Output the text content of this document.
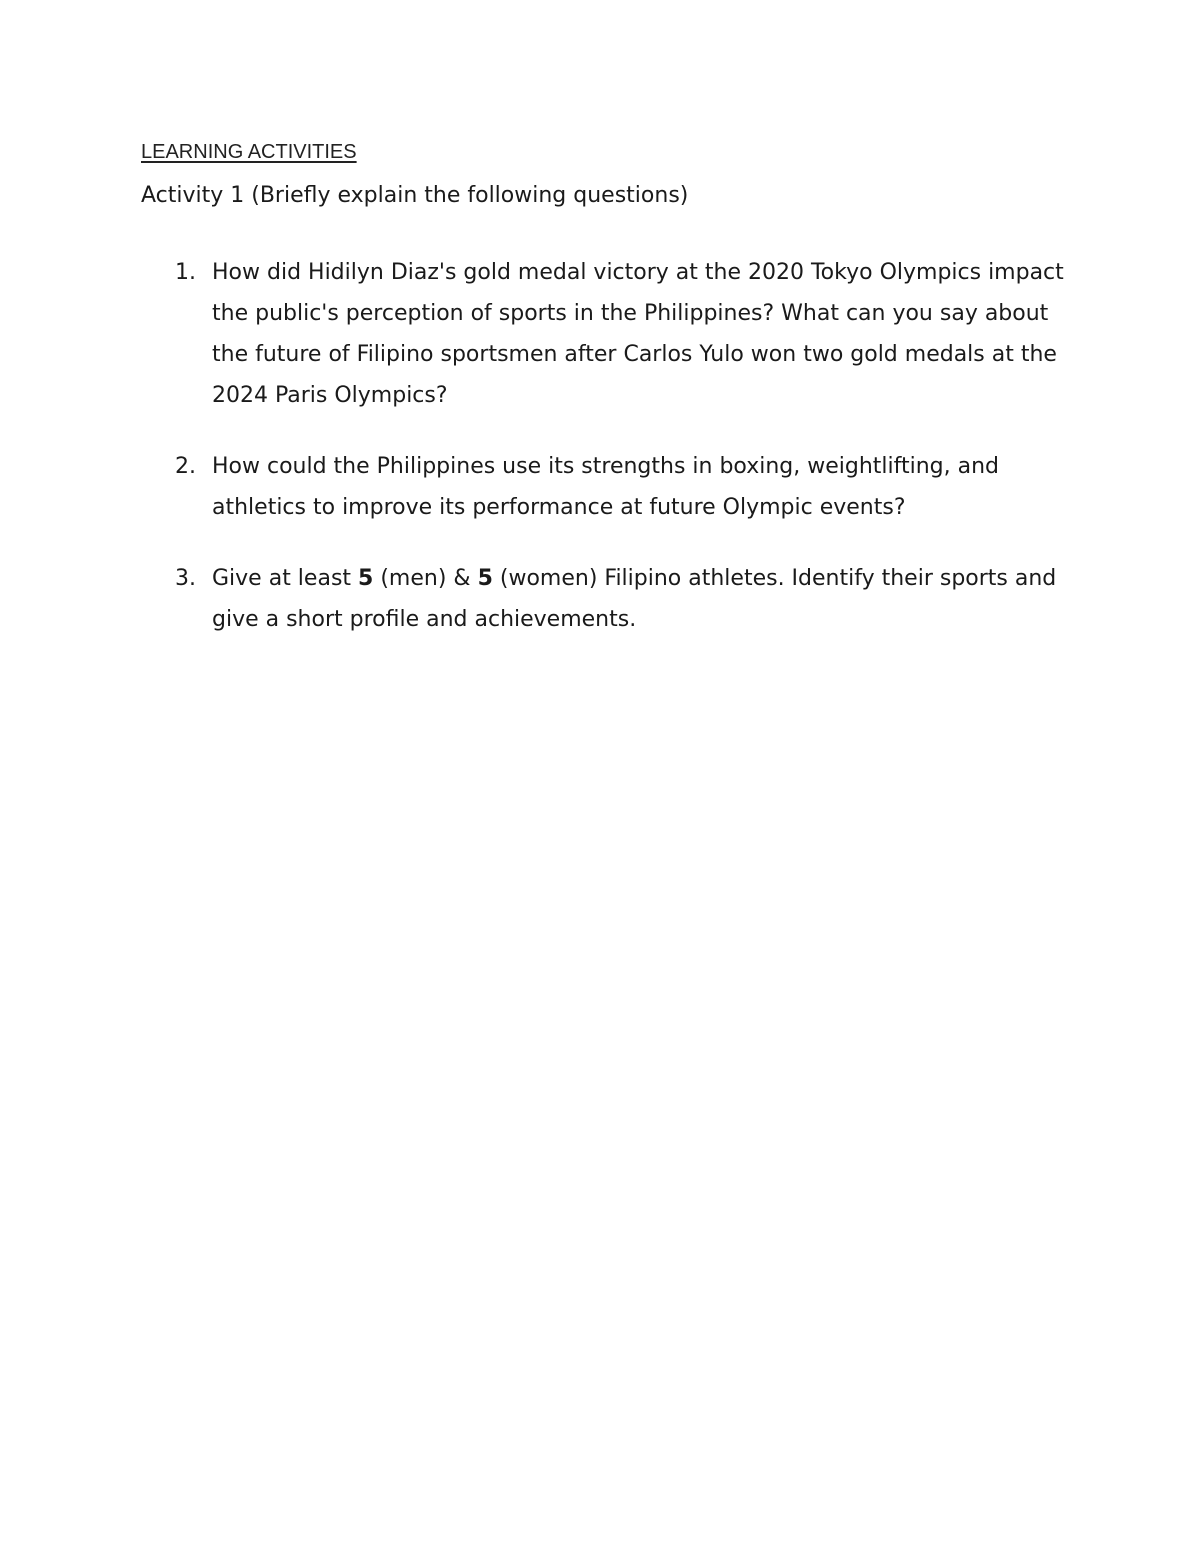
LEARNING ACTIVITIES
Activity 1 (Briefly explain the following questions)
1. How did Hidilyn Diaz's gold medal victory at the 2020 Tokyo Olympics impact the public's perception of sports in the Philippines? What can you say about the future of Filipino sportsmen after Carlos Yulo won two gold medals at the 2024 Paris Olympics?
2. How could the Philippines use its strengths in boxing, weightlifting, and athletics to improve its performance at future Olympic events?
3. Give at least 5 (men) & 5 (women) Filipino athletes. Identify their sports and give a short profile and achievements.
